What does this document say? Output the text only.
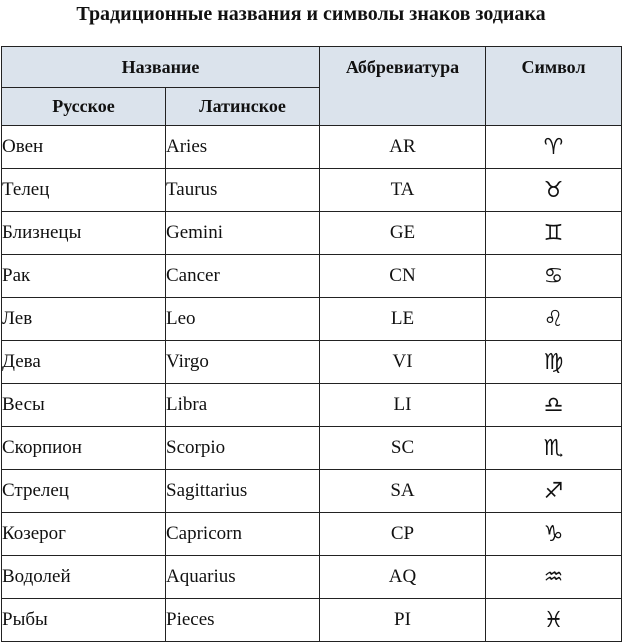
Традиционные названия и символы знаков зодиака
Название		Аббревиатура	Символ
Русское	Латинское		
Овен	Aries	AR	♈︎
Телец	Taurus	TA	♉︎
Близнецы	Gemini	GE	♊︎
Рак	Cancer	CN	♋︎
Лев	Leo	LE	♌︎
Дева	Virgo	VI	♍︎
Весы	Libra	LI	♎︎
Скорпион	Scorpio	SC	♏︎
Стрелец	Sagittarius	SA	♐︎
Козерог	Capricorn	CP	♑︎
Водолей	Aquarius	AQ	♒︎
Рыбы	Pieces	PI	♓︎
